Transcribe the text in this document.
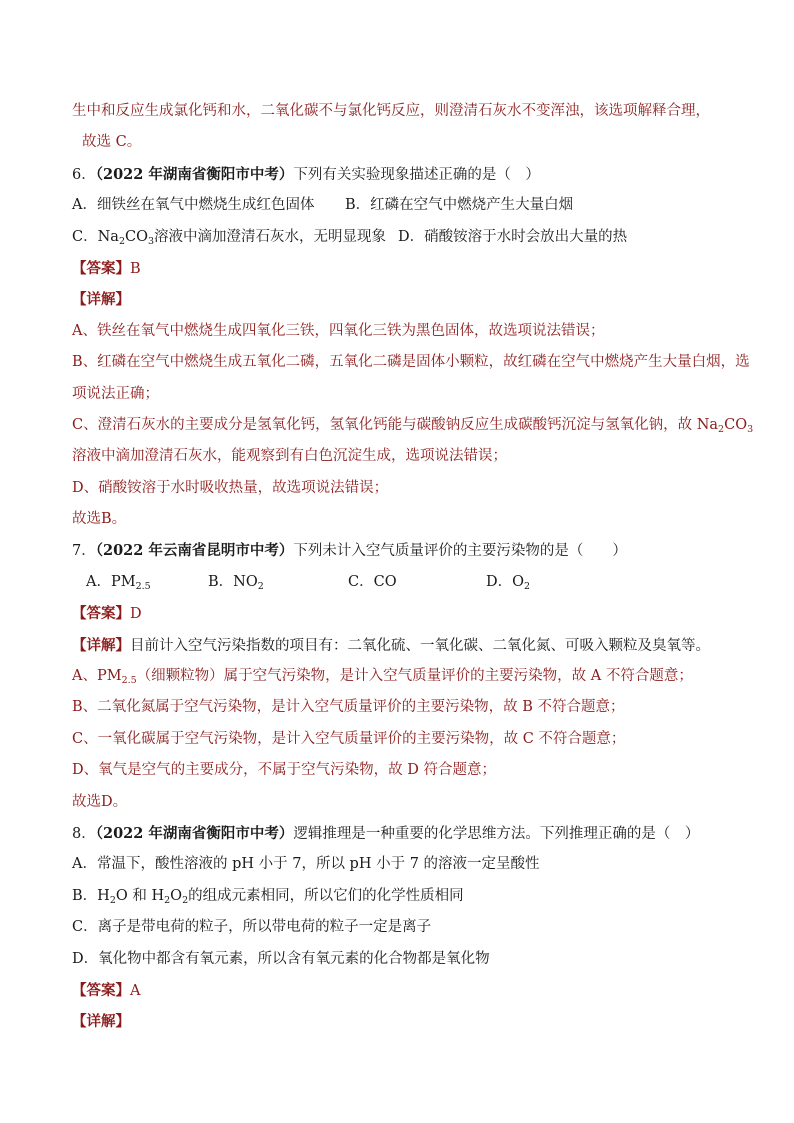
生中和反应生成氯化钙和水，二氧化碳不与氯化钙反应，则澄清石灰水不变浑浊，该选项解释合理，
故选 C。
6．（2022 年湖南省衡阳市中考）下列有关实验现象描述正确的是（　）
A．细铁丝在氧气中燃烧生成红色固体	B．红磷在空气中燃烧产生大量白烟
C．$Na_2CO_3$溶液中滴加澄清石灰水，无明显现象 D．硝酸铵溶于水时会放出大量的热
【答案】B
【详解】
A、铁丝在氧气中燃烧生成四氧化三铁，四氧化三铁为黑色固体，故选项说法错误；
B、红磷在空气中燃烧生成五氧化二磷，五氧化二磷是固体小颗粒，故红磷在空气中燃烧产生大量白烟，选
项说法正确；
C、澄清石灰水的主要成分是氢氧化钙，氢氧化钙能与碳酸钠反应生成碳酸钙沉淀与氢氧化钠，故 $Na_2CO_3$
溶液中滴加澄清石灰水，能观察到有白色沉淀生成，选项说法错误；
D、硝酸铵溶于水时吸收热量，故选项说法错误；
故选B。
7．（2022 年云南省昆明市中考）下列未计入空气质量评价的主要污染物的是（　　）
A．$PM_{2.5}$	B．$NO_2$	C．CO	D．$O_2$
【答案】D
【详解】目前计入空气污染指数的项目有：二氧化硫、一氧化碳、二氧化氮、可吸入颗粒及臭氧等。
A、$PM_{2.5}$（细颗粒物）属于空气污染物，是计入空气质量评价的主要污染物，故 A 不符合题意；
B、二氧化氮属于空气污染物，是计入空气质量评价的主要污染物，故 B 不符合题意；
C、一氧化碳属于空气污染物，是计入空气质量评价的主要污染物，故 C 不符合题意；
D、氧气是空气的主要成分，不属于空气污染物，故 D 符合题意；
故选D。
8．（2022 年湖南省衡阳市中考）逻辑推理是一种重要的化学思维方法。下列推理正确的是（　）
A．常温下，酸性溶液的 pH 小于 7，所以 pH 小于 7 的溶液一定呈酸性
B．$H_2O$ 和 $H_2O_2$的组成元素相同，所以它们的化学性质相同
C．离子是带电荷的粒子，所以带电荷的粒子一定是离子
D．氧化物中都含有氧元素，所以含有氧元素的化合物都是氧化物
【答案】A
【详解】
